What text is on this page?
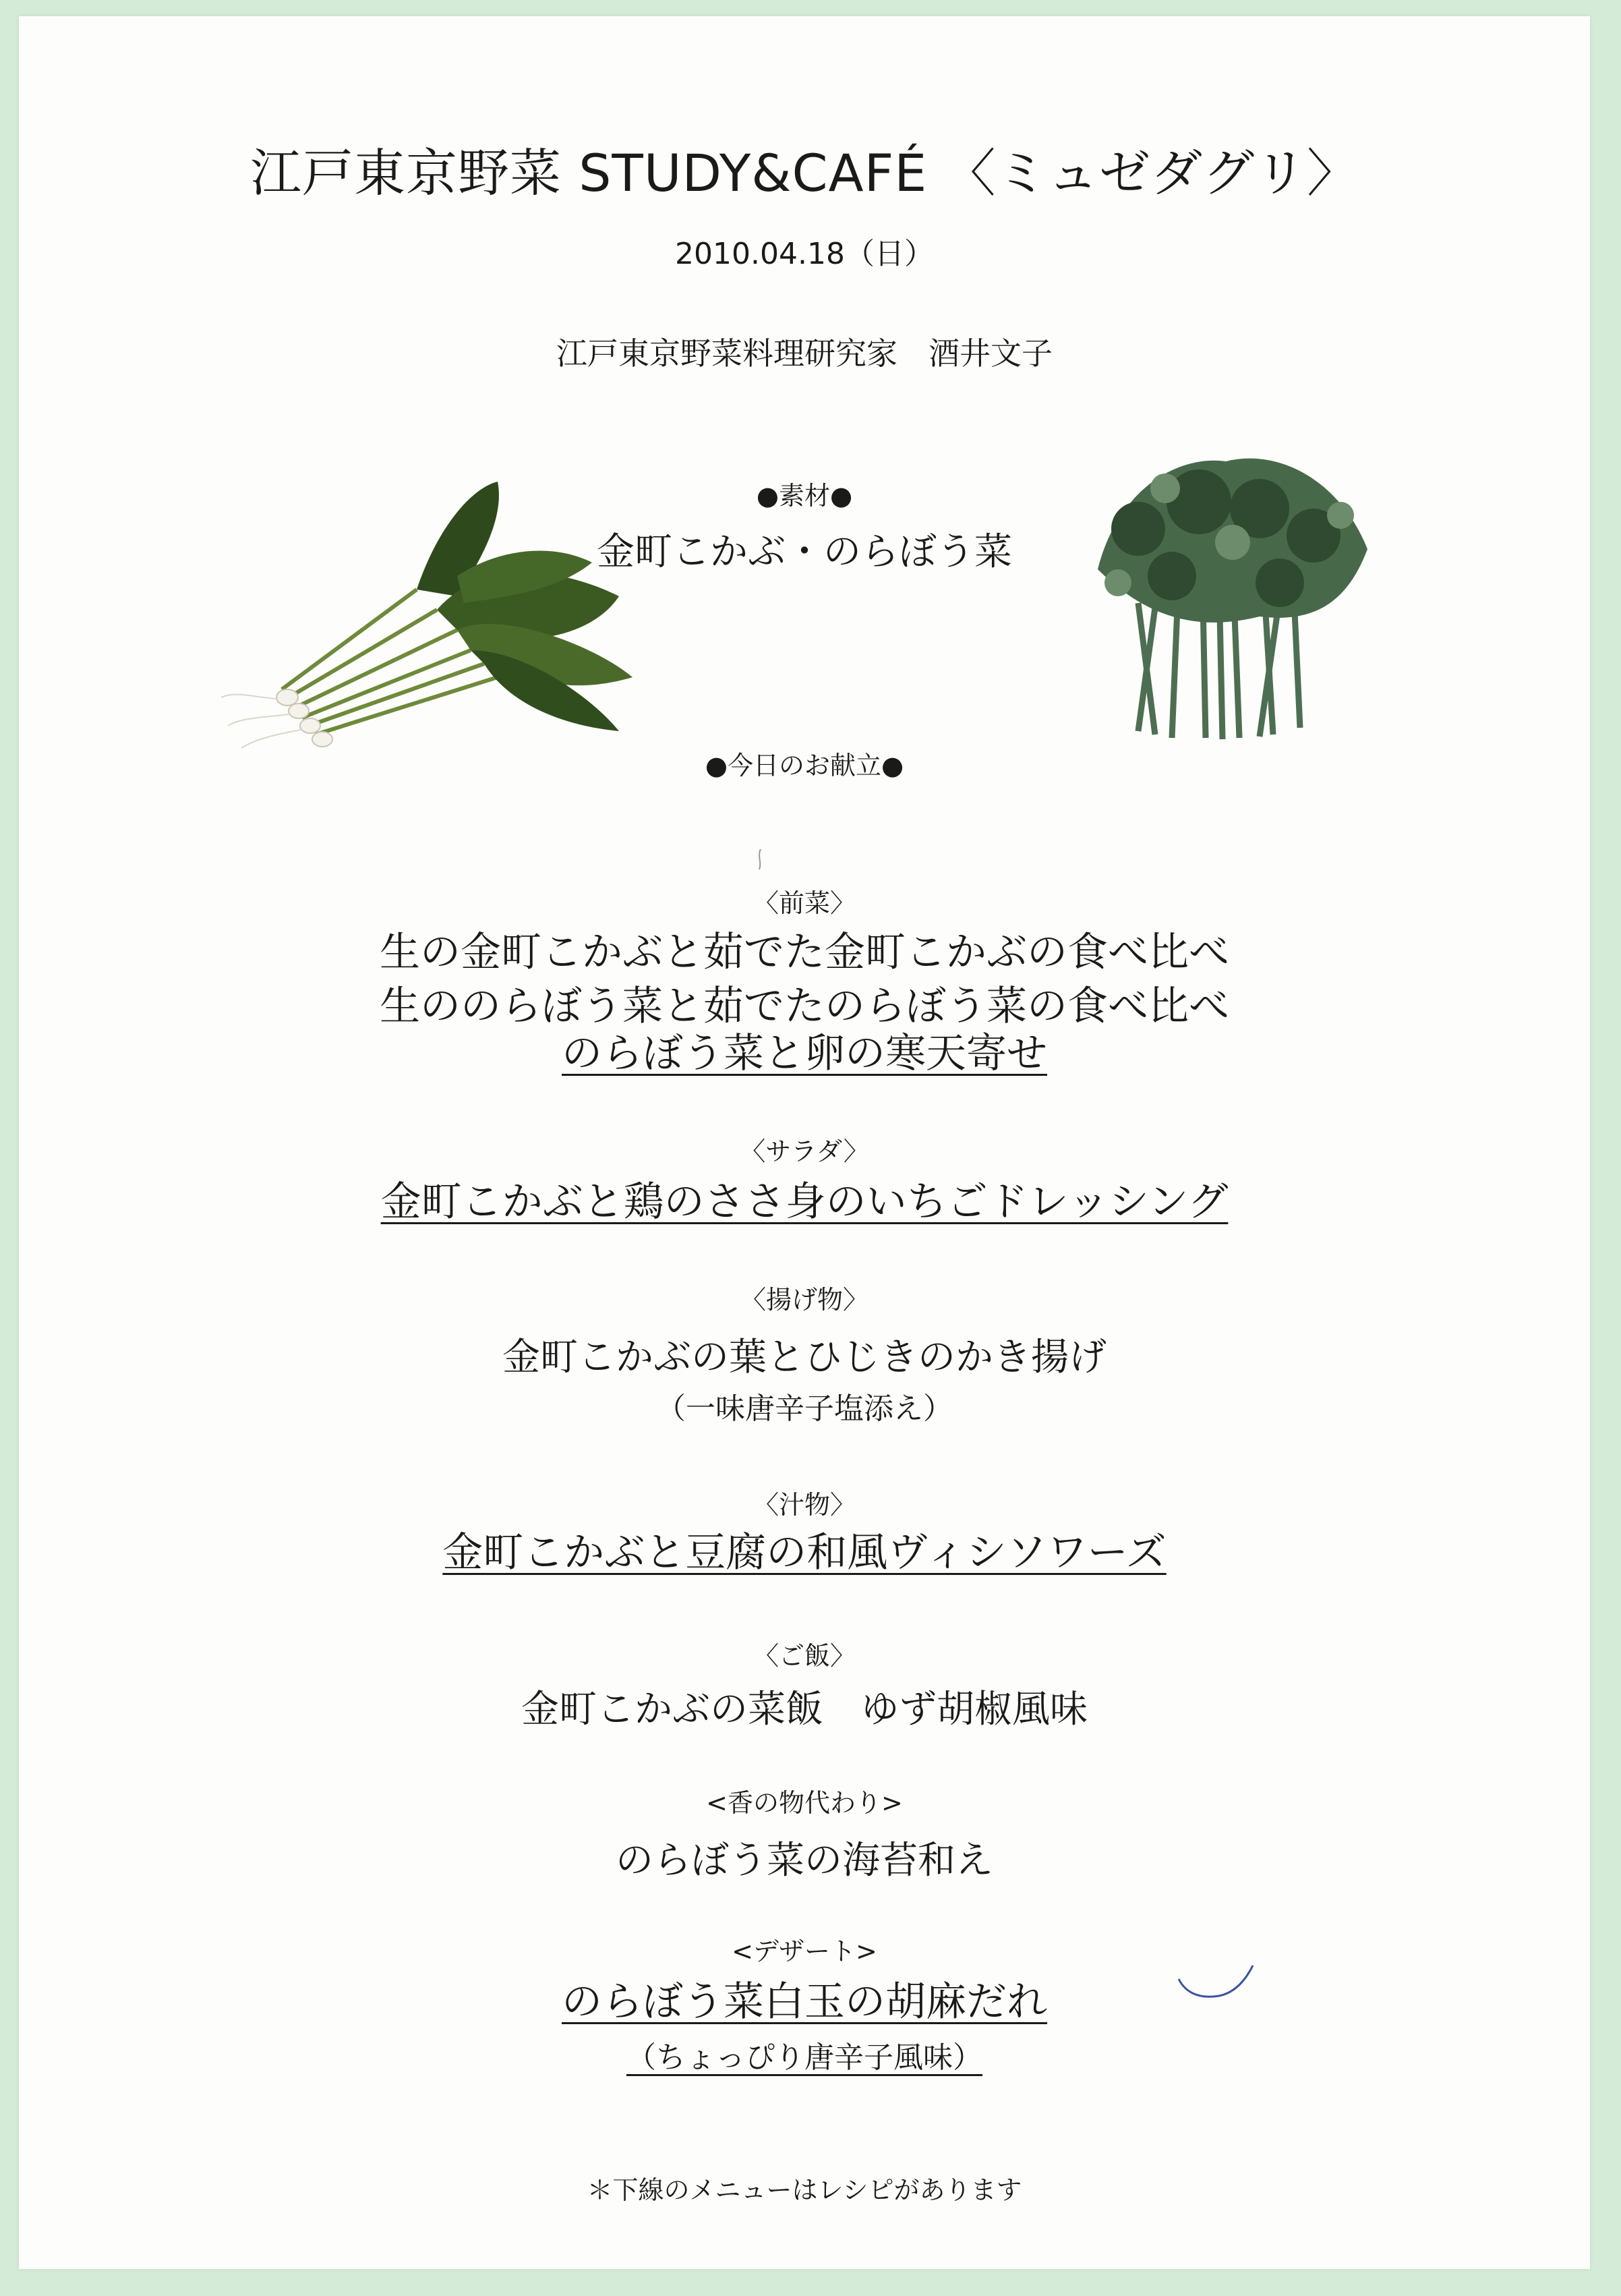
江戸東京野菜 STUDY&CAFÉ 〈ミュゼダグリ〉
2010.04.18（日）
江戸東京野菜料理研究家　酒井文子
●素材●
金町こかぶ・のらぼう菜
●今日のお献立●
〈前菜〉
生の金町こかぶと茹でた金町こかぶの食べ比べ
生ののらぼう菜と茹でたのらぼう菜の食べ比べ
のらぼう菜と卵の寒天寄せ
〈サラダ〉
金町こかぶと鶏のささ身のいちごドレッシング
〈揚げ物〉
金町こかぶの葉とひじきのかき揚げ
（一味唐辛子塩添え）
〈汁物〉
金町こかぶと豆腐の和風ヴィシソワーズ
〈ご飯〉
金町こかぶの菜飯　ゆず胡椒風味
<香の物代わり>
のらぼう菜の海苔和え
<デザート>
のらぼう菜白玉の胡麻だれ
（ちょっぴり唐辛子風味）
＊下線のメニューはレシピがあります
